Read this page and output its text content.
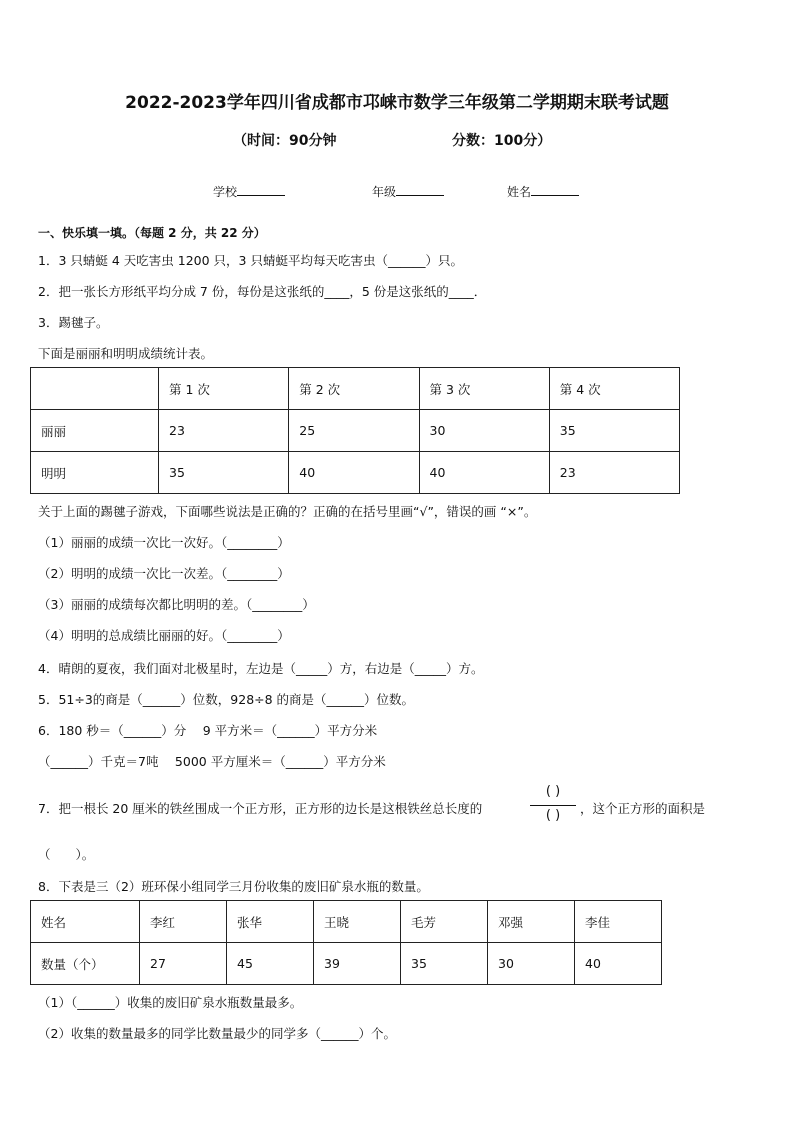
2022-2023学年四川省成都市邛崃市数学三年级第二学期期末联考试题
（时间：90分钟	分数：100分）
学校	年级	姓名
一、快乐填一填。（每题 2 分，共 22 分）
1．3 只蜻蜓 4 天吃害虫 1200 只，3 只蜻蜓平均每天吃害虫（______）只。
2．把一张长方形纸平均分成 7 份，每份是这张纸的____，5 份是这张纸的____．
3．踢毽子。
下面是丽丽和明明成绩统计表。
	第 1 次	第 2 次	第 3 次	第 4 次
丽丽	23	25	30	35
明明	35	40	40	23
关于上面的踢毽子游戏，下面哪些说法是正确的？正确的在括号里画“√”，错误的画 “×”。
（1）丽丽的成绩一次比一次好。（________）
（2）明明的成绩一次比一次差。（________）
（3）丽丽的成绩每次都比明明的差。（________）
（4）明明的总成绩比丽丽的好。（________）
4．晴朗的夏夜，我们面对北极星时，左边是（_____）方，右边是（_____）方。
5．51÷3的商是（______）位数，928÷8 的商是（______）位数。
6．180 秒＝（______）分　 9 平方米＝（______）平方分米
（______）千克＝7吨　 5000 平方厘米＝（______）平方分米
7．把一根长 20 厘米的铁丝围成一个正方形，正方形的边长是这根铁丝总长度的
( )
( )	，这个正方形的面积是
（　　）。
8．下表是三（2）班环保小组同学三月份收集的废旧矿泉水瓶的数量。
姓名	李红	张华	王晓	毛芳	邓强	李佳
数量（个）	27	45	39	35	30	40
（1）（______）收集的废旧矿泉水瓶数量最多。
（2）收集的数量最多的同学比数量最少的同学多（______）个。
